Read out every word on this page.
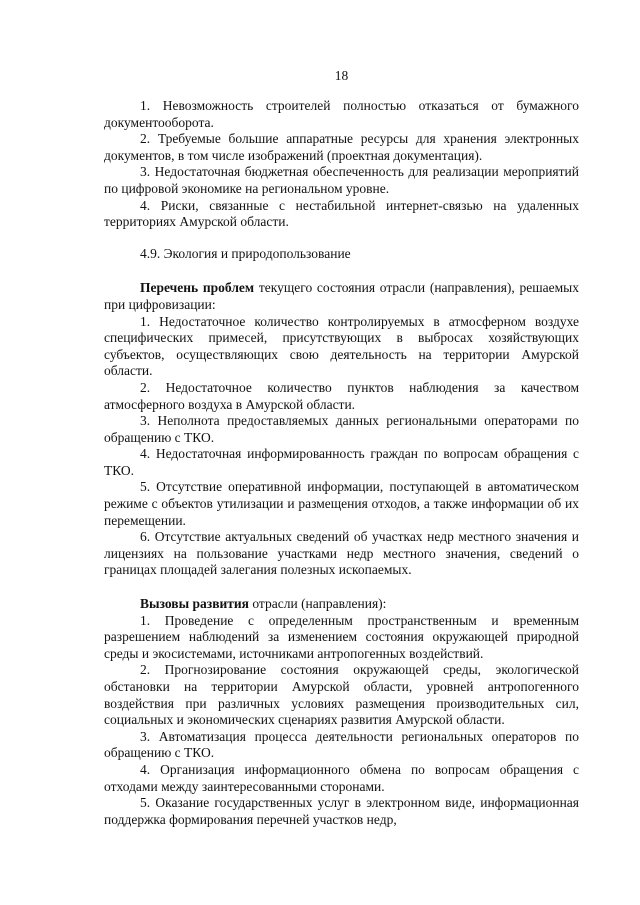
18

1. Невозможность строителей полностью отказаться от бумажного документооборота.

2. Требуемые большие аппаратные ресурсы для хранения электронных документов, в том числе изображений (проектная документация).

3. Недостаточная бюджетная обеспеченность для реализации мероприятий по цифровой экономике на региональном уровне.

4. Риски, связанные с нестабильной интернет-связью на удаленных территориях Амурской области.

4.9. Экология и природопользование

Перечень проблем текущего состояния отрасли (направления), решаемых при цифровизации:

1. Недостаточное количество контролируемых в атмосферном воздухе специфических примесей, присутствующих в выбросах хозяйствующих субъектов, осуществляющих свою деятельность на территории Амурской области.

2. Недостаточное количество пунктов наблюдения за качеством атмосферного воздуха в Амурской области.

3. Неполнота предоставляемых данных региональными операторами по обращению с ТКО.

4. Недостаточная информированность граждан по вопросам обращения с ТКО.

5. Отсутствие оперативной информации, поступающей в автоматическом режиме с объектов утилизации и размещения отходов, а также информации об их перемещении.

6. Отсутствие актуальных сведений об участках недр местного значения и лицензиях на пользование участками недр местного значения, сведений о границах площадей залегания полезных ископаемых.

Вызовы развития отрасли (направления):

1. Проведение с определенным пространственным и временным разрешением наблюдений за изменением состояния окружающей природной среды и экосистемами, источниками антропогенных воздействий.

2. Прогнозирование состояния окружающей среды, экологической обстановки на территории Амурской области, уровней антропогенного воздействия при различных условиях размещения производительных сил, социальных и экономических сценариях развития Амурской области.

3. Автоматизация процесса деятельности региональных операторов по обращению с ТКО.

4. Организация информационного обмена по вопросам обращения с отходами между заинтересованными сторонами.

5. Оказание государственных услуг в электронном виде, информационная поддержка формирования перечней участков недр,
